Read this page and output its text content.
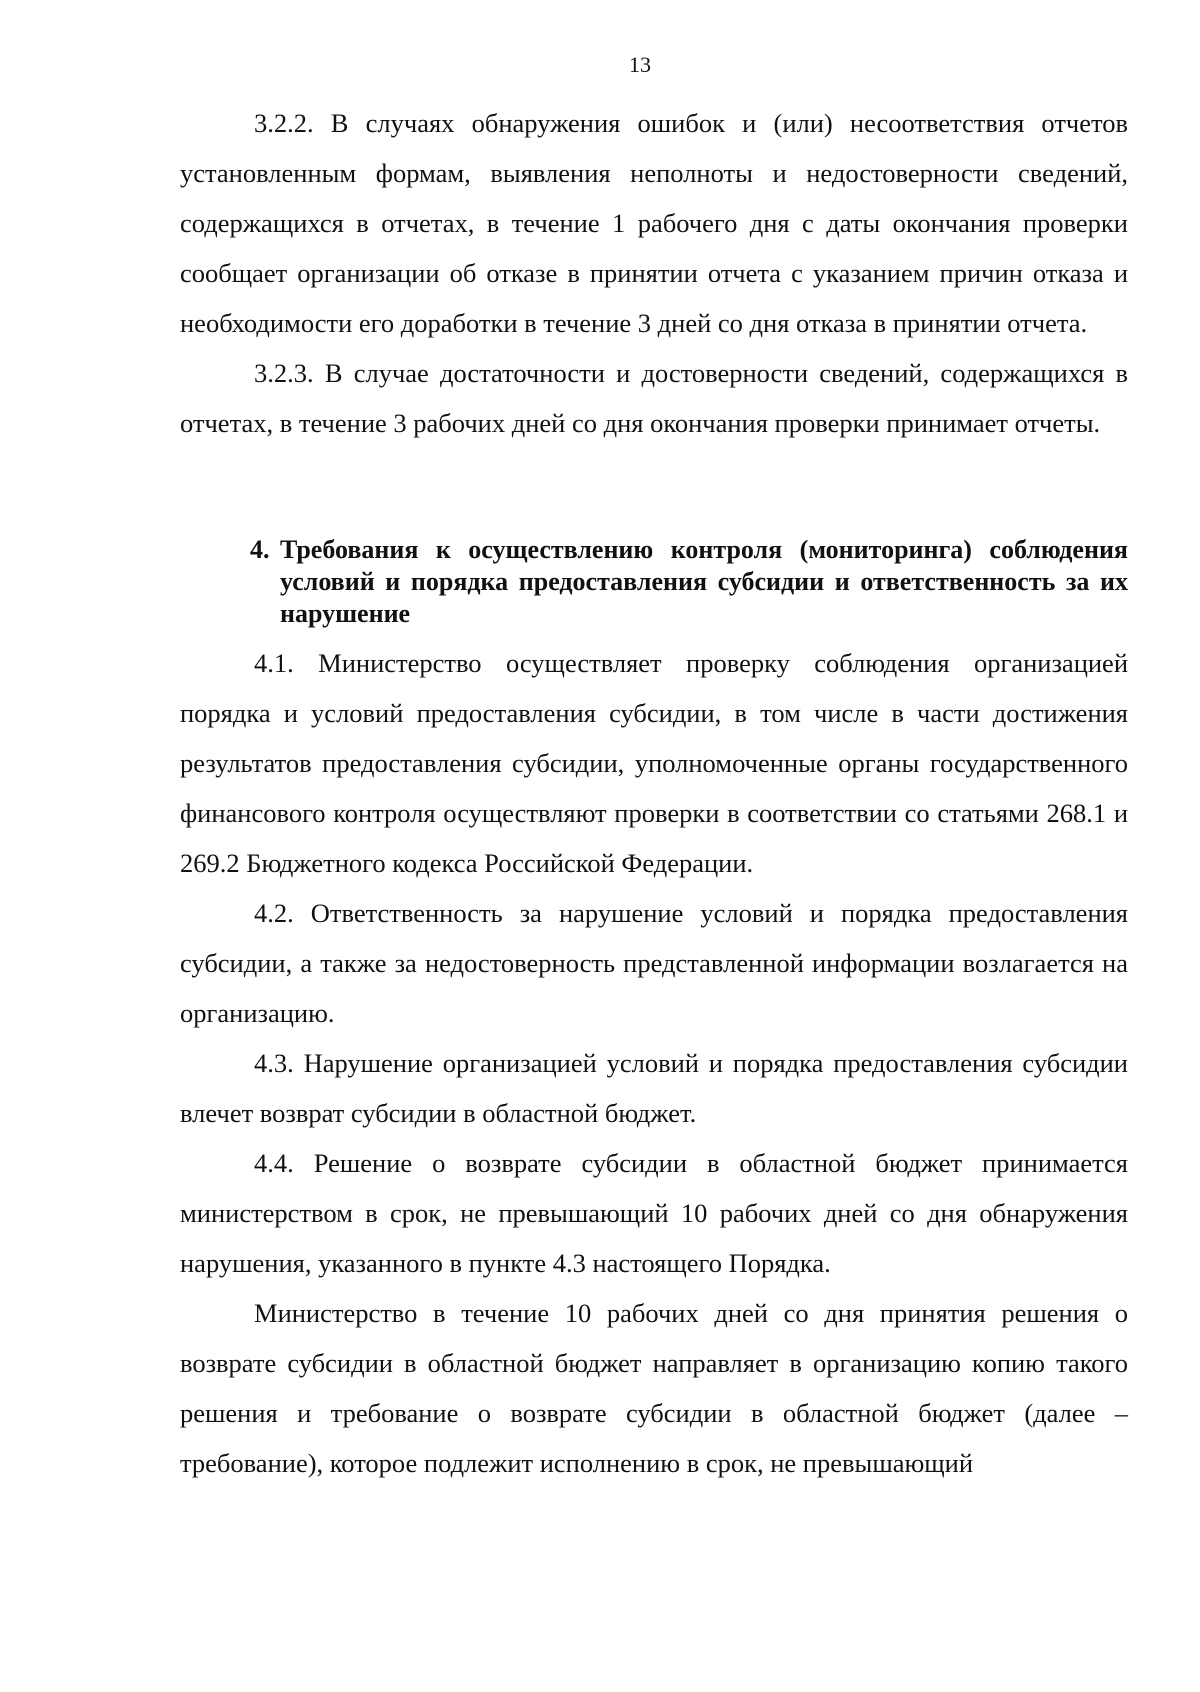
13

3.2.2. В случаях обнаружения ошибок и (или) несоответствия отчетов установленным формам, выявления неполноты и недостоверности сведений, содержащихся в отчетах, в течение 1 рабочего дня с даты окончания проверки сообщает организации об отказе в принятии отчета с указанием причин отказа и необходимости его доработки в течение 3 дней со дня отказа в принятии отчета.

3.2.3. В случае достаточности и достоверности сведений, содержащихся в отчетах, в течение 3 рабочих дней со дня окончания проверки принимает отчеты.

4. Требования к осуществлению контроля (мониторинга) соблюдения условий и порядка предоставления субсидии и ответственность за их нарушение

4.1. Министерство осуществляет проверку соблюдения организацией порядка и условий предоставления субсидии, в том числе в части достижения результатов предоставления субсидии, уполномоченные органы государственного финансового контроля осуществляют проверки в соответствии со статьями 268.1 и 269.2 Бюджетного кодекса Российской Федерации.

4.2. Ответственность за нарушение условий и порядка предоставления субсидии, а также за недостоверность представленной информации возлагается на организацию.

4.3. Нарушение организацией условий и порядка предоставления субсидии влечет возврат субсидии в областной бюджет.

4.4. Решение о возврате субсидии в областной бюджет принимается министерством в срок, не превышающий 10 рабочих дней со дня обнаружения нарушения, указанного в пункте 4.3 настоящего Порядка.

Министерство в течение 10 рабочих дней со дня принятия решения о возврате субсидии в областной бюджет направляет в организацию копию такого решения и требование о возврате субсидии в областной бюджет (далее – требование), которое подлежит исполнению в срок, не превышающий
